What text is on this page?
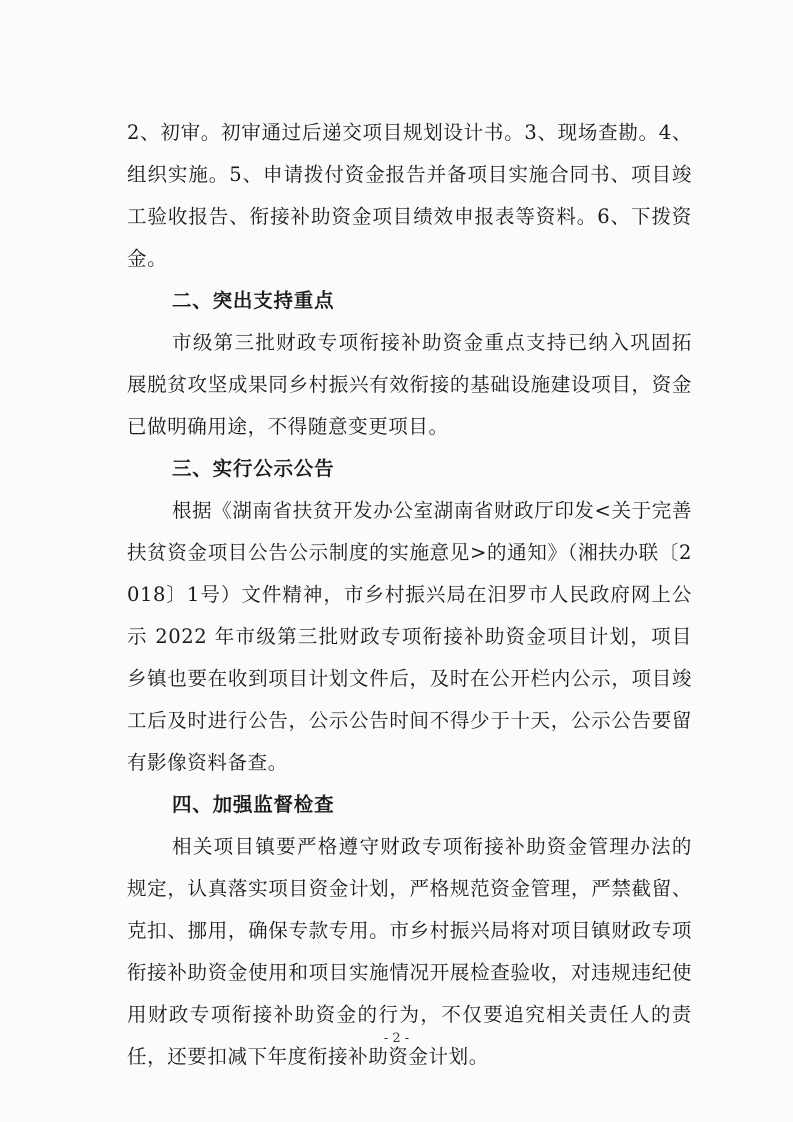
2、初审。初审通过后递交项目规划设计书。3、现场查勘。4、组织实施。5、申请拨付资金报告并备项目实施合同书、项目竣工验收报告、衔接补助资金项目绩效申报表等资料。6、下拨资金。

二、突出支持重点

市级第三批财政专项衔接补助资金重点支持已纳入巩固拓展脱贫攻坚成果同乡村振兴有效衔接的基础设施建设项目，资金已做明确用途，不得随意变更项目。

三、实行公示公告

根据《湖南省扶贫开发办公室湖南省财政厅印发<关于完善扶贫资金项目公告公示制度的实施意见>的通知》（湘扶办联〔2018〕1号）文件精神，市乡村振兴局在汨罗市人民政府网上公示 2022 年市级第三批财政专项衔接补助资金项目计划，项目乡镇也要在收到项目计划文件后，及时在公开栏内公示，项目竣工后及时进行公告，公示公告时间不得少于十天，公示公告要留有影像资料备查。

四、加强监督检查

相关项目镇要严格遵守财政专项衔接补助资金管理办法的规定，认真落实项目资金计划，严格规范资金管理，严禁截留、克扣、挪用，确保专款专用。市乡村振兴局将对项目镇财政专项衔接补助资金使用和项目实施情况开展检查验收，对违规违纪使用财政专项衔接补助资金的行为，不仅要追究相关责任人的责任，还要扣减下年度衔接补助资金计划。

- 2 -
